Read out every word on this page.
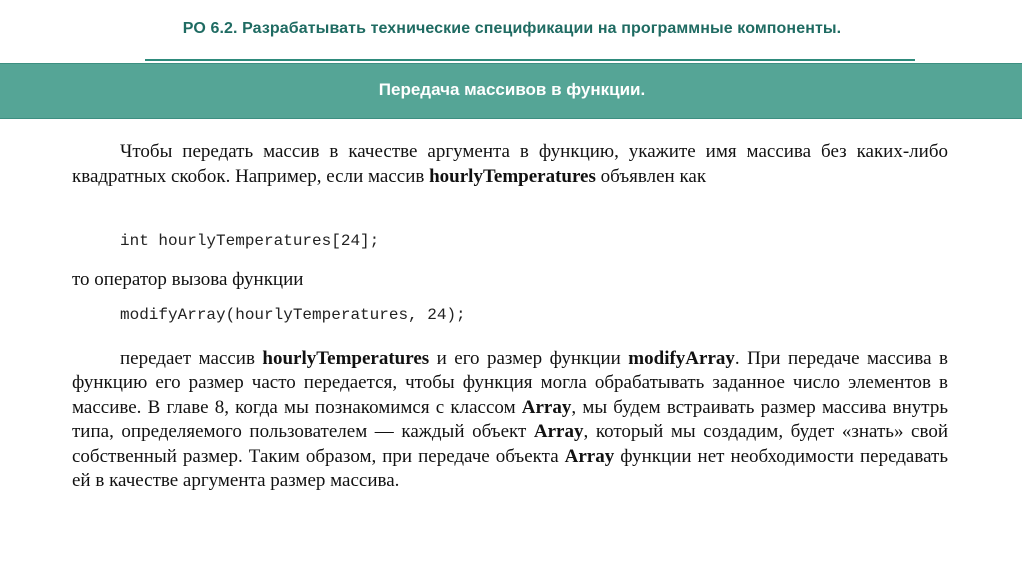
РО 6.2. Разрабатывать технические спецификации на программные компоненты.
Передача массивов в функции.

Чтобы передать массив в качестве аргумента в функцию, укажите имя массива без каких-либо квадратных скобок. Например, если массив hourlyTemperatures объявлен как

int hourlyTemperatures[24];

то оператор вызова функции

modifyArray(hourlyTemperatures, 24);

передает массив hourlyTemperatures и его размер функции modifyArray. При передаче массива в функцию его размер часто передается, чтобы функция могла обрабатывать заданное число элементов в массиве. В главе 8, когда мы познакомимся с классом Array, мы будем встраивать размер массива внутрь типа, определяемого пользователем — каждый объект Array, который мы создадим, будет «знать» свой собственный размер. Таким образом, при передаче объекта Array функции нет необходимости передавать ей в качестве аргумента размер массива.
